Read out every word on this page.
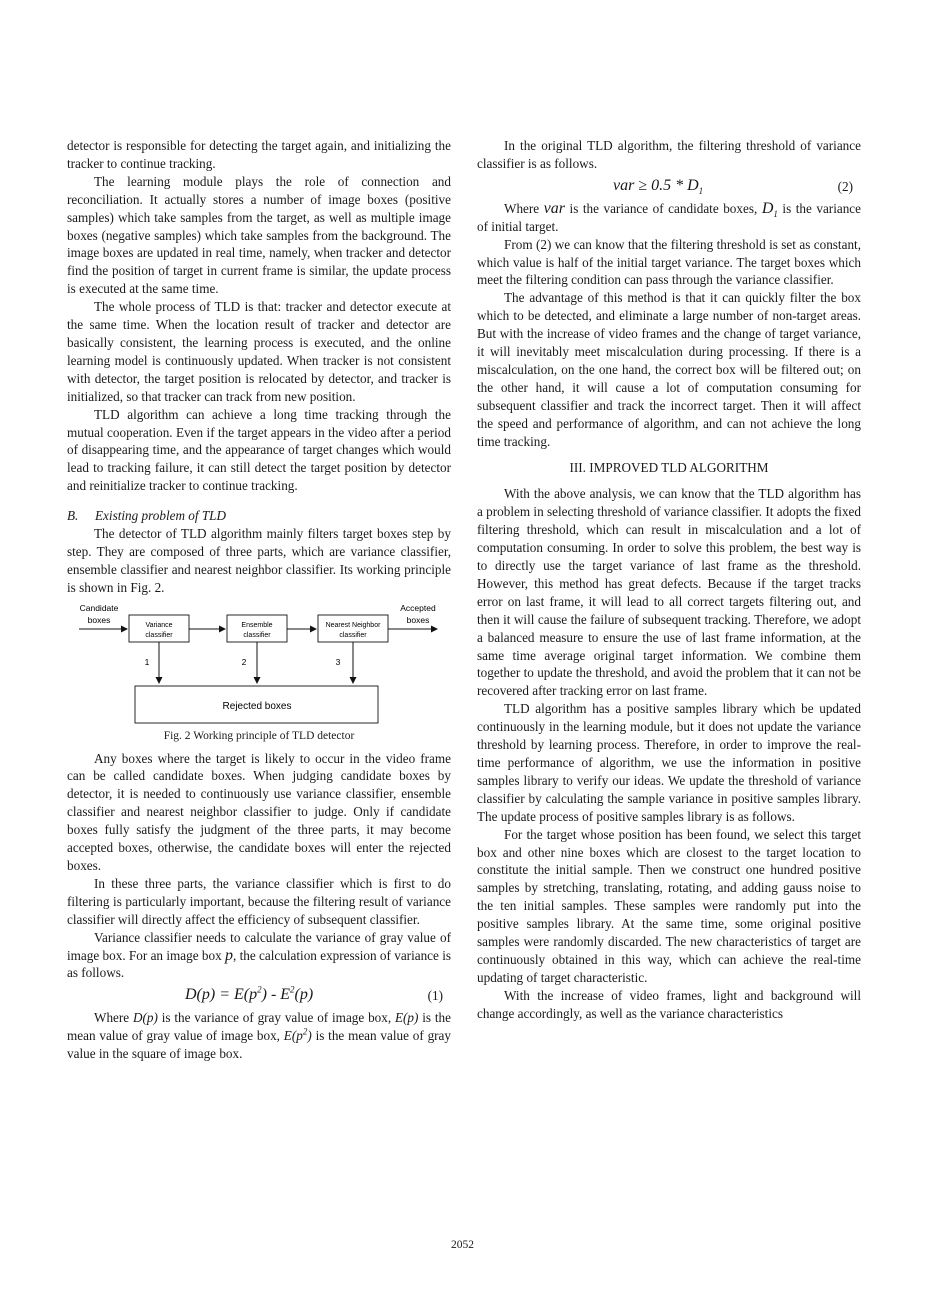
detector is responsible for detecting the target again, and initializing the tracker to continue tracking.

The learning module plays the role of connection and reconciliation. It actually stores a number of image boxes (positive samples) which take samples from the target, as well as multiple image boxes (negative samples) which take samples from the background. The image boxes are updated in real time, namely, when tracker and detector find the position of target in current frame is similar, the update process is executed at the same time.

The whole process of TLD is that: tracker and detector execute at the same time. When the location result of tracker and detector are basically consistent, the learning process is executed, and the online learning model is continuously updated. When tracker is not consistent with detector, the target position is relocated by detector, and tracker is initialized, so that tracker can track from new position.

TLD algorithm can achieve a long time tracking through the mutual cooperation. Even if the target appears in the video after a period of disappearing time, and the appearance of target changes which would lead to tracking failure, it can still detect the target position by detector and reinitialize tracker to continue tracking.

B. Existing problem of TLD

The detector of TLD algorithm mainly filters target boxes step by step. They are composed of three parts, which are variance classifier, ensemble classifier and nearest neighbor classifier. Its working principle is shown in Fig. 2.

Candidate
boxes
Variance
classifier
Ensemble
classifier
Nearest Neighbor
classifier
Accepted
boxes
1	2	3
Rejected boxes
Fig. 2 Working principle of TLD detector

Any boxes where the target is likely to occur in the video frame can be called candidate boxes. When judging candidate boxes by detector, it is needed to continuously use variance classifier, ensemble classifier and nearest neighbor classifier to judge. Only if candidate boxes fully satisfy the judgment of the three parts, it may become accepted boxes, otherwise, the candidate boxes will enter the rejected boxes.

In these three parts, the variance classifier which is first to do filtering is particularly important, because the filtering result of variance classifier will directly affect the efficiency of subsequent classifier.

Variance classifier needs to calculate the variance of gray value of image box. For an image box p, the calculation expression of variance is as follows.

$D(p) = E(p^2) - E^2(p)$	(1)

Where D(p) is the variance of gray value of image box, E(p) is the mean value of gray value of image box, $E(p^2)$ is the mean value of gray value in the square of image box.

In the original TLD algorithm, the filtering threshold of variance classifier is as follows.

var ≥ $0.5 * D_1$	(2)

Where var is the variance of candidate boxes, $D_1$ is the variance of initial target.

From (2) we can know that the filtering threshold is set as constant, which value is half of the initial target variance. The target boxes which meet the filtering condition can pass through the variance classifier.

The advantage of this method is that it can quickly filter the box which to be detected, and eliminate a large number of non-target areas. But with the increase of video frames and the change of target variance, it will inevitably meet miscalculation during processing. If there is a miscalculation, on the one hand, the correct box will be filtered out; on the other hand, it will cause a lot of computation consuming for subsequent classifier and track the incorrect target. Then it will affect the speed and performance of algorithm, and can not achieve the long time tracking.

III. IMPROVED TLD ALGORITHM

With the above analysis, we can know that the TLD algorithm has a problem in selecting threshold of variance classifier. It adopts the fixed filtering threshold, which can result in miscalculation and a lot of computation consuming. In order to solve this problem, the best way is to directly use the target variance of last frame as the threshold. However, this method has great defects. Because if the target tracks error on last frame, it will lead to all correct targets filtering out, and then it will cause the failure of subsequent tracking. Therefore, we adopt a balanced measure to ensure the use of last frame information, at the same time average original target information. We combine them together to update the threshold, and avoid the problem that it can not be recovered after tracking error on last frame.

TLD algorithm has a positive samples library which be updated continuously in the learning module, but it does not update the variance threshold by learning process. Therefore, in order to improve the real-time performance of algorithm, we use the information in positive samples library to verify our ideas. We update the threshold of variance classifier by calculating the sample variance in positive samples library. The update process of positive samples library is as follows.

For the target whose position has been found, we select this target box and other nine boxes which are closest to the target location to constitute the initial sample. Then we construct one hundred positive samples by stretching, translating, rotating, and adding gauss noise to the ten initial samples. These samples were randomly put into the positive samples library. At the same time, some original positive samples were randomly discarded. The new characteristics of target are continuously obtained in this way, which can achieve the real-time updating of target characteristic.

With the increase of video frames, light and background will change accordingly, as well as the variance characteristics

2052
